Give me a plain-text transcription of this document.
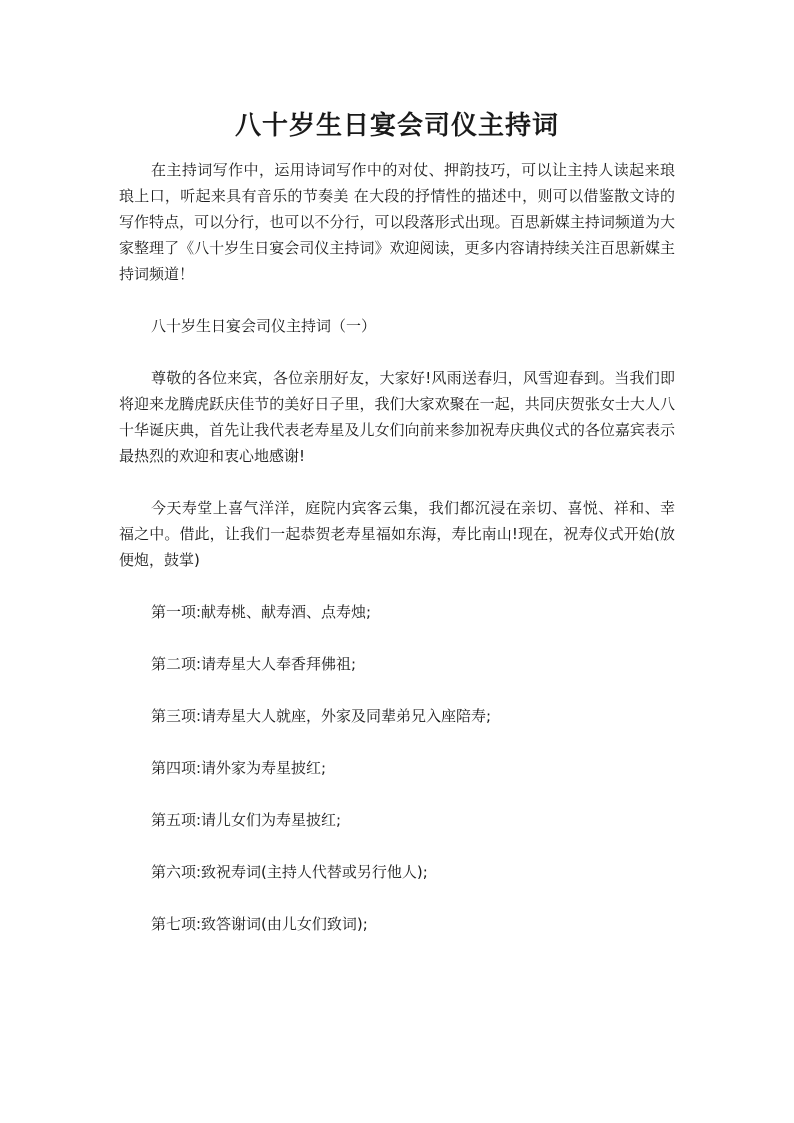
八十岁生日宴会司仪主持词

在主持词写作中，运用诗词写作中的对仗、押韵技巧，可以让主持人读起来琅琅上口，听起来具有音乐的节奏美 在大段的抒情性的描述中，则可以借鉴散文诗的写作特点，可以分行，也可以不分行，可以段落形式出现。百思新媒主持词频道为大家整理了《八十岁生日宴会司仪主持词》欢迎阅读，更多内容请持续关注百思新媒主持词频道！

八十岁生日宴会司仪主持词（一）

尊敬的各位来宾，各位亲朋好友，大家好!风雨送春归，风雪迎春到。当我们即将迎来龙腾虎跃庆佳节的美好日子里，我们大家欢聚在一起，共同庆贺张女士大人八十华诞庆典，首先让我代表老寿星及儿女们向前来参加祝寿庆典仪式的各位嘉宾表示最热烈的欢迎和衷心地感谢!

今天寿堂上喜气洋洋，庭院内宾客云集，我们都沉浸在亲切、喜悦、祥和、幸福之中。借此，让我们一起恭贺老寿星福如东海，寿比南山!现在，祝寿仪式开始(放便炮，鼓掌)

第一项:献寿桃、献寿酒、点寿烛;

第二项:请寿星大人奉香拜佛祖;

第三项:请寿星大人就座，外家及同辈弟兄入座陪寿;

第四项:请外家为寿星披红;

第五项:请儿女们为寿星披红;

第六项:致祝寿词(主持人代替或另行他人);

第七项:致答谢词(由儿女们致词);
